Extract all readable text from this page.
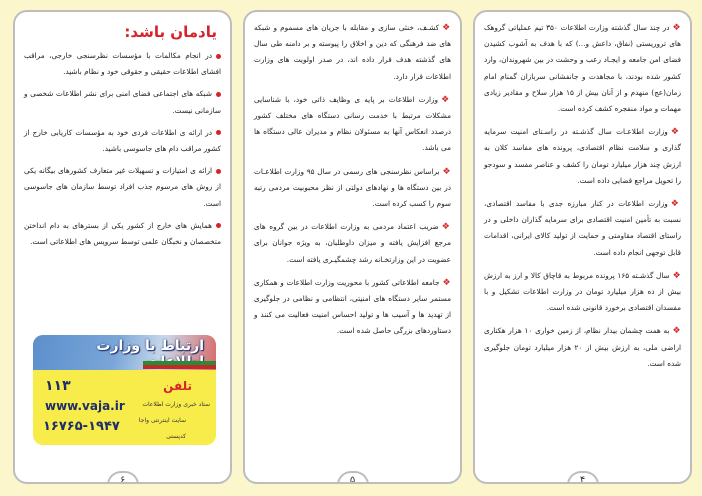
❖در چند سال گذشته وزارت اطلاعات ۳۵۰ تیم عملیاتی گروهک های تروریستی (نفاق، داعش و...) که با هدف به آشوب کشیدن فضای امن جامعه و ایجـاد رعب و وحشت در بین شهروندان، وارد کشور شده بودند، با مجاهدت و جانفشانی سربازان گمنام امام زمان(عج) منهدم و از آنان بیش از ۱۵ هزار سلاح و مقادیر زیادی مهمات و مواد منفجره کشف کرده است.

❖وزارت اطلاعـات سال گذشـته در راسـتای امنیت سرمایه گذاری و سلامت نظام اقتصادی، پرونده های مفاسد کلان به ارزش چند هزار میلیارد تومان را کشف و عناصر مفسد و سودجو را تحویل مراجع قضایی داده است.

❖وزارت اطلاعات در کنار مبارزه جدی با مفاسد اقتصادی، نسبت به تأمین امنیت اقتصادی برای سرمایه گذاران داخلی و در راستای اقتصاد مقاومتی و حمایت از تولید کالای ایرانی، اقدامات قابل توجهی انجام داده است.

❖سال گذشـته ۱۶۵ پرونده مربوط به قاچاق کالا و ارز به ارزش بیش از ده هزار میلیارد تومان در وزارت اطلاعات تشکیل و با مفسدان اقتصادی برخورد قانونی شده است.

❖به همت چشمان بیدار نظام، از زمین خواری ۱۰ هزار هکتاری اراضی ملی، به ارزش بیش از ۲۰ هزار میلیارد تومان جلوگیری شده است.

۴

❖کشـف، خنثی سازی و مقابله با جریان های مسموم و شبکه های ضد فرهنگی که دین و اخلاق را پیوسته و بر دامنه طی سال های گذشته هدف قرار داده اند، در صدر اولویت های وزارت اطلاعات قرار دارد.

❖وزارت اطلاعات بر پایه ی وظایف ذاتی خود، با شناسایی مشکلات مرتبط با خدمت رسانی دستگاه های مختلف کشور درصدد انعکاس آنها به مسئولان نظام و مدیران عالی دستگاه ها می باشد.

❖براساس نظرسنجی های رسمی در سال ۹۵ وزارت اطلاعـات در بین دستگاه ها و نهادهای دولتی از نظر محبوبیت مردمی رتبه سوم را کسب کرده است.

❖ضریب اعتماد مردمی به وزارت اطلاعات در بین گروه های مرجع افزایش یافته و میزان داوطلبان، به ویژه جوانان برای عضویت در این وزارتخـانه رشد چشمگیـری یافته است.

❖جامعه اطلاعاتی کشور با محوریت وزارت اطلاعات و همکاری مستمر سایر دستگاه های امنیتی، انتظامی و نظامی در جلوگیری از تهدید ها و آسیب ها و تولید احساس امنیت فعالیت می کنند و دستاوردهای بزرگی حاصل شده است.

۵
یادمان باشد:

در انجام مکالمات با مؤسسات نظرسنجی خارجی، مراقب افشای اطلاعات حقیقی و حقوقی خود و نظام باشید.

شبکه های اجتماعی فضای امنی برای نشر اطلاعات شخصی و سازمانی نیست.

در ارائه ی اطلاعات فردی خود به مؤسسات کاریابی خارج از کشور مراقب دام های جاسوسی باشید.

ارائه ی امتیازات و تسهیلات غیر متعارف کشورهای بیگانه یکی از روش های مرسوم جذب افراد توسط سازمان های جاسوسی است.

همایش های خارج از کشور یکی از بسترهای به دام انداختن متخصصان و نخبگان علمی توسط سرویس های اطلاعاتی است.

ارتباط با وزارت
تلفن
۱۱۳
ستاد خبری وزارت اطلاعات
www.vaja.ir
سایت اینترنتی واجا
۱۶۷۶۵-۱۹۴۷
کدپستی
۶
